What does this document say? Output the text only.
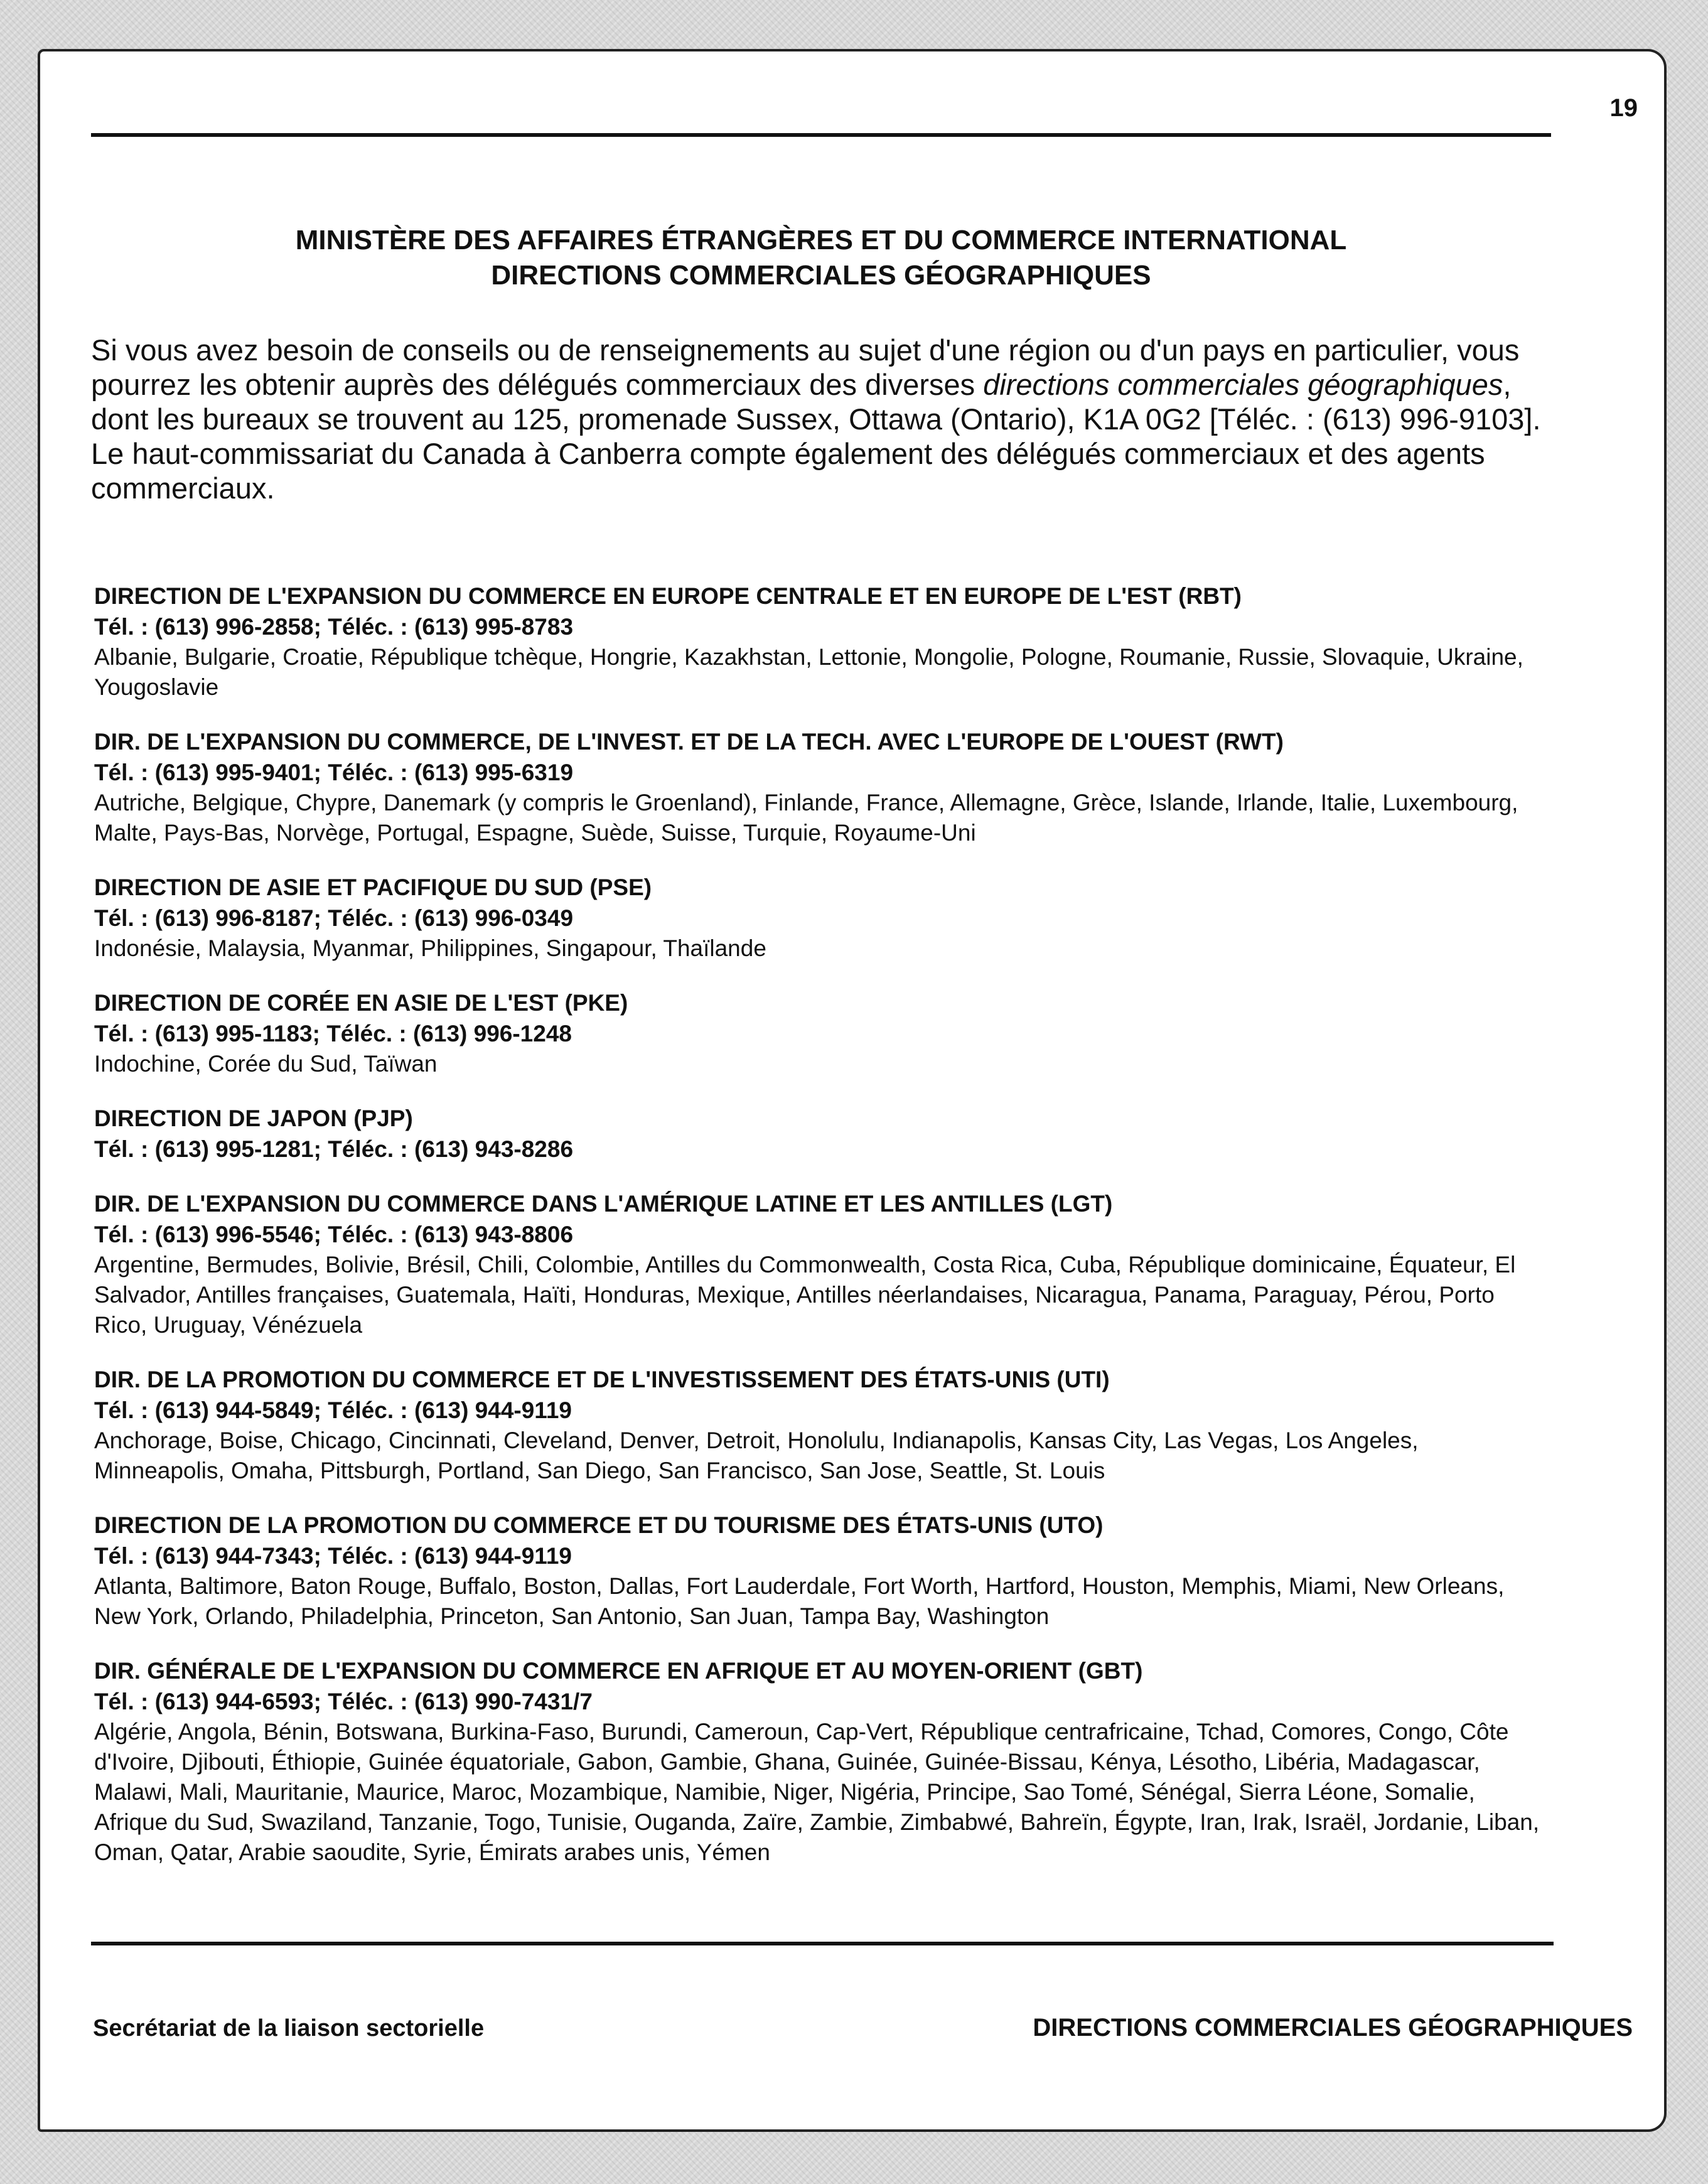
19
MINISTÈRE DES AFFAIRES ÉTRANGÈRES ET DU COMMERCE INTERNATIONAL
DIRECTIONS COMMERCIALES GÉOGRAPHIQUES
Si vous avez besoin de conseils ou de renseignements au sujet d'une région ou d'un pays en particulier, vous pourrez les obtenir auprès des délégués commerciaux des diverses directions commerciales géographiques, dont les bureaux se trouvent au 125, promenade Sussex, Ottawa (Ontario), K1A 0G2 [Téléc. : (613) 996-9103]. Le haut-commissariat du Canada à Canberra compte également des délégués commerciaux et des agents commerciaux.
DIRECTION DE L'EXPANSION DU COMMERCE EN EUROPE CENTRALE ET EN EUROPE DE L'EST (RBT)
Tél. : (613) 996-2858; Téléc. : (613) 995-8783
Albanie, Bulgarie, Croatie, République tchèque, Hongrie, Kazakhstan, Lettonie, Mongolie, Pologne, Roumanie, Russie, Slovaquie, Ukraine, Yougoslavie
DIR. DE L'EXPANSION DU COMMERCE, DE L'INVEST. ET DE LA TECH. AVEC L'EUROPE DE L'OUEST (RWT)
Tél. : (613) 995-9401; Téléc. : (613) 995-6319
Autriche, Belgique, Chypre, Danemark (y compris le Groenland), Finlande, France, Allemagne, Grèce, Islande, Irlande, Italie, Luxembourg, Malte, Pays-Bas, Norvège, Portugal, Espagne, Suède, Suisse, Turquie, Royaume-Uni
DIRECTION DE ASIE ET PACIFIQUE DU SUD (PSE)
Tél. : (613) 996-8187; Téléc. : (613) 996-0349
Indonésie, Malaysia, Myanmar, Philippines, Singapour, Thaïlande
DIRECTION DE CORÉE EN ASIE DE L'EST (PKE)
Tél. : (613) 995-1183; Téléc. : (613) 996-1248
Indochine, Corée du Sud, Taïwan
DIRECTION DE JAPON (PJP)
Tél. : (613) 995-1281; Téléc. : (613) 943-8286
DIR. DE L'EXPANSION DU COMMERCE DANS L'AMÉRIQUE LATINE ET LES ANTILLES (LGT)
Tél. : (613) 996-5546; Téléc. : (613) 943-8806
Argentine, Bermudes, Bolivie, Brésil, Chili, Colombie, Antilles du Commonwealth, Costa Rica, Cuba, République dominicaine, Équateur, El Salvador, Antilles françaises, Guatemala, Haïti, Honduras, Mexique, Antilles néerlandaises, Nicaragua, Panama, Paraguay, Pérou, Porto Rico, Uruguay, Vénézuela
DIR. DE LA PROMOTION DU COMMERCE ET DE L'INVESTISSEMENT DES ÉTATS-UNIS (UTI)
Tél. : (613) 944-5849; Téléc. : (613) 944-9119
Anchorage, Boise, Chicago, Cincinnati, Cleveland, Denver, Detroit, Honolulu, Indianapolis, Kansas City, Las Vegas, Los Angeles, Minneapolis, Omaha, Pittsburgh, Portland, San Diego, San Francisco, San Jose, Seattle, St. Louis
DIRECTION DE LA PROMOTION DU COMMERCE ET DU TOURISME DES ÉTATS-UNIS (UTO)
Tél. : (613) 944-7343; Téléc. : (613) 944-9119
Atlanta, Baltimore, Baton Rouge, Buffalo, Boston, Dallas, Fort Lauderdale, Fort Worth, Hartford, Houston, Memphis, Miami, New Orleans, New York, Orlando, Philadelphia, Princeton, San Antonio, San Juan, Tampa Bay, Washington
DIR. GÉNÉRALE DE L'EXPANSION DU COMMERCE EN AFRIQUE ET AU MOYEN-ORIENT (GBT)
Tél. : (613) 944-6593; Téléc. : (613) 990-7431/7
Algérie, Angola, Bénin, Botswana, Burkina-Faso, Burundi, Cameroun, Cap-Vert, République centrafricaine, Tchad, Comores, Congo, Côte d'Ivoire, Djibouti, Éthiopie, Guinée équatoriale, Gabon, Gambie, Ghana, Guinée, Guinée-Bissau, Kénya, Lésotho, Libéria, Madagascar, Malawi, Mali, Mauritanie, Maurice, Maroc, Mozambique, Namibie, Niger, Nigéria, Principe, Sao Tomé, Sénégal, Sierra Léone, Somalie, Afrique du Sud, Swaziland, Tanzanie, Togo, Tunisie, Ouganda, Zaïre, Zambie, Zimbabwé, Bahreïn, Égypte, Iran, Irak, Israël, Jordanie, Liban, Oman, Qatar, Arabie saoudite, Syrie, Émirats arabes unis, Yémen
Secrétariat de la liaison sectorielle	DIRECTIONS COMMERCIALES GÉOGRAPHIQUES
